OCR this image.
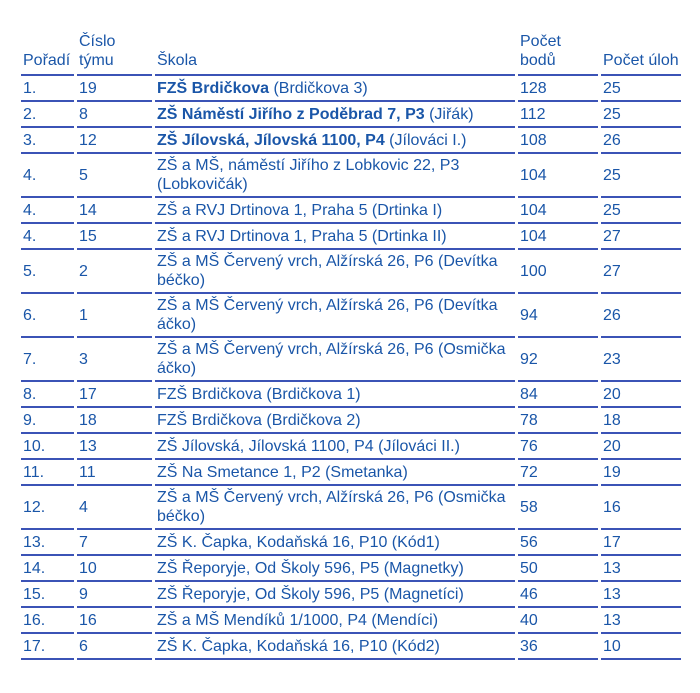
Pořadí	Číslo týmu	Škola	Počet bodů	Počet úloh
1.	19	FZŠ Brdičkova (Brdičkova 3)	128	25
2.	8	ZŠ Náměstí Jiřího z Poděbrad 7, P3 (Jiřák)	112	25
3.	12	ZŠ Jílovská, Jílovská 1100, P4 (Jílováci I.)	108	26
4.	5	ZŠ a MŠ, náměstí Jiřího z Lobkovic 22, P3 (Lobkovičák)	104	25
4.	14	ZŠ a RVJ Drtinova 1, Praha 5 (Drtinka I)	104	25
4.	15	ZŠ a RVJ Drtinova 1, Praha 5 (Drtinka II)	104	27
5.	2	ZŠ a MŠ Červený vrch, Alžírská 26, P6 (Devítka béčko)	100	27
6.	1	ZŠ a MŠ Červený vrch, Alžírská 26, P6 (Devítka áčko)	94	26
7.	3	ZŠ a MŠ Červený vrch, Alžírská 26, P6 (Osmička áčko)	92	23
8.	17	FZŠ Brdičkova (Brdičkova 1)	84	20
9.	18	FZŠ Brdičkova (Brdičkova 2)	78	18
10.	13	ZŠ Jílovská, Jílovská 1100, P4 (Jílováci II.)	76	20
11.	11	ZŠ Na Smetance 1, P2 (Smetanka)	72	19
12.	4	ZŠ a MŠ Červený vrch, Alžírská 26, P6 (Osmička béčko)	58	16
13.	7	ZŠ K. Čapka, Kodaňská 16, P10 (Kód1)	56	17
14.	10	ZŠ Řeporyje, Od Školy 596, P5 (Magnetky)	50	13
15.	9	ZŠ Řeporyje, Od Školy 596, P5 (Magnetíci)	46	13
16.	16	ZŠ a MŠ Mendíků 1/1000, P4 (Mendíci)	40	13
17.	6	ZŠ K. Čapka, Kodaňská 16, P10 (Kód2)	36	10
